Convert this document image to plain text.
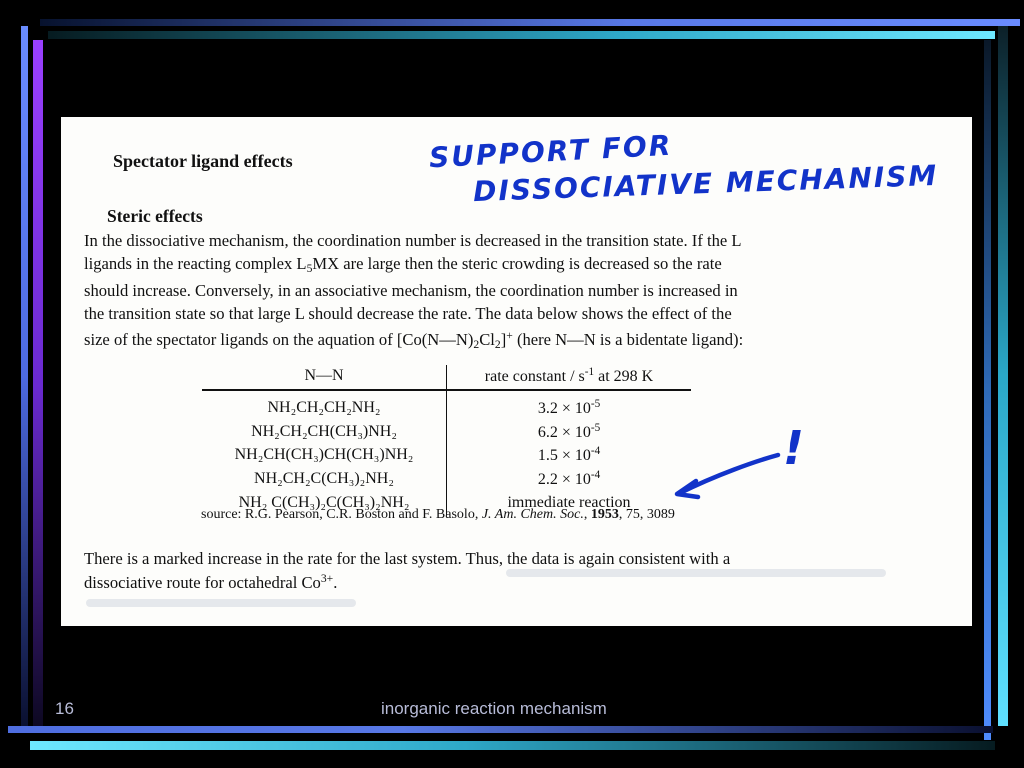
Spectator ligand effects	SUPPORT FOR
DISSOCIATIVE MECHANISM
Steric effects
In the dissociative mechanism, the coordination number is decreased in the transition state. If the L
ligands in the reacting complex $L_5MX$ are large then the steric crowding is decreased so the rate
should increase. Conversely, in an associative mechanism, the coordination number is increased in
the transition state so that large L should decrease the rate. The data below shows the effect of the
size of the spectator ligands on the aquation of $[Co(N—N)_2Cl_2]^+$ (here N—N is a bidentate ligand):
N—N	rate constant / $s^{-1}$ at 298 K
NH₂CH₂CH₂NH₂	$3.2 \times 10^{-5}$
NH₂CH₂CH(CH₃)NH₂	$6.2 \times 10^{-5}$
NH₂CH(CH₃)CH(CH₃)NH₂	$1.5 \times 10^{-4}$
NH₂CH₂C(CH₃)₂NH₂	$2.2 \times 10^{-4}$
NH₂ C(CH₃)₂C(CH₃)₂NH₂	immediate reaction
!
source: R.G. Pearson, C.R. Boston and F. Basolo, J. Am. Chem. Soc., 1953, 75, 3089
There is a marked increase in the rate for the last system. Thus, the data is again consistent with a
dissociative route for octahedral $Co^{3+}$.
16	inorganic reaction mechanism
